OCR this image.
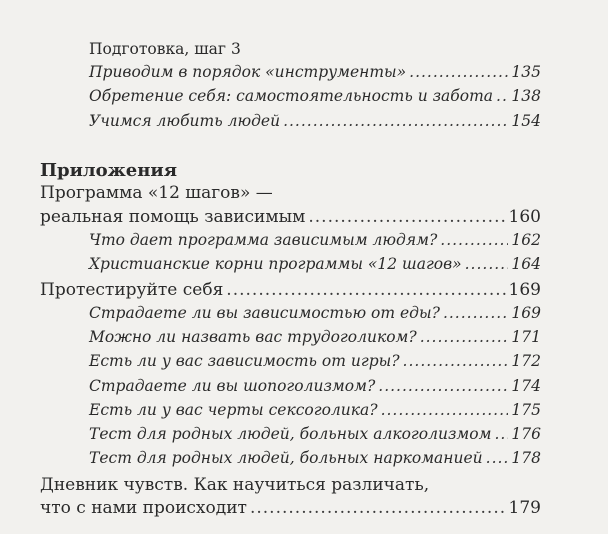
Подготовка, шаг 3
Приводим в порядок «инструменты» .....	135
Обретение себя: самостоятельность и забота ..... 138
Учимся любить людей .....	154
Приложения
Программа «12 шагов» —
реальная помощь зависимым .....	160
Что дает программа зависимым людям? .....	162
Христианские корни программы «12 шагов» .....	164
Протестируйте себя .....	169
Страдаете ли вы зависимостью от еды? .....	169
Можно ли назвать вас трудоголиком? .....	171
Есть ли у вас зависимость от игры? .....	172
Страдаете ли вы шопоголизмом? .....	174
Есть ли у вас черты сексоголика? .....	175
Тест для родных людей, больных алкоголизмом ..... 176
Тест для родных людей, больных наркоманией ..... 178
Дневник чувств. Как научиться различать,
что с нами происходит .....	179
